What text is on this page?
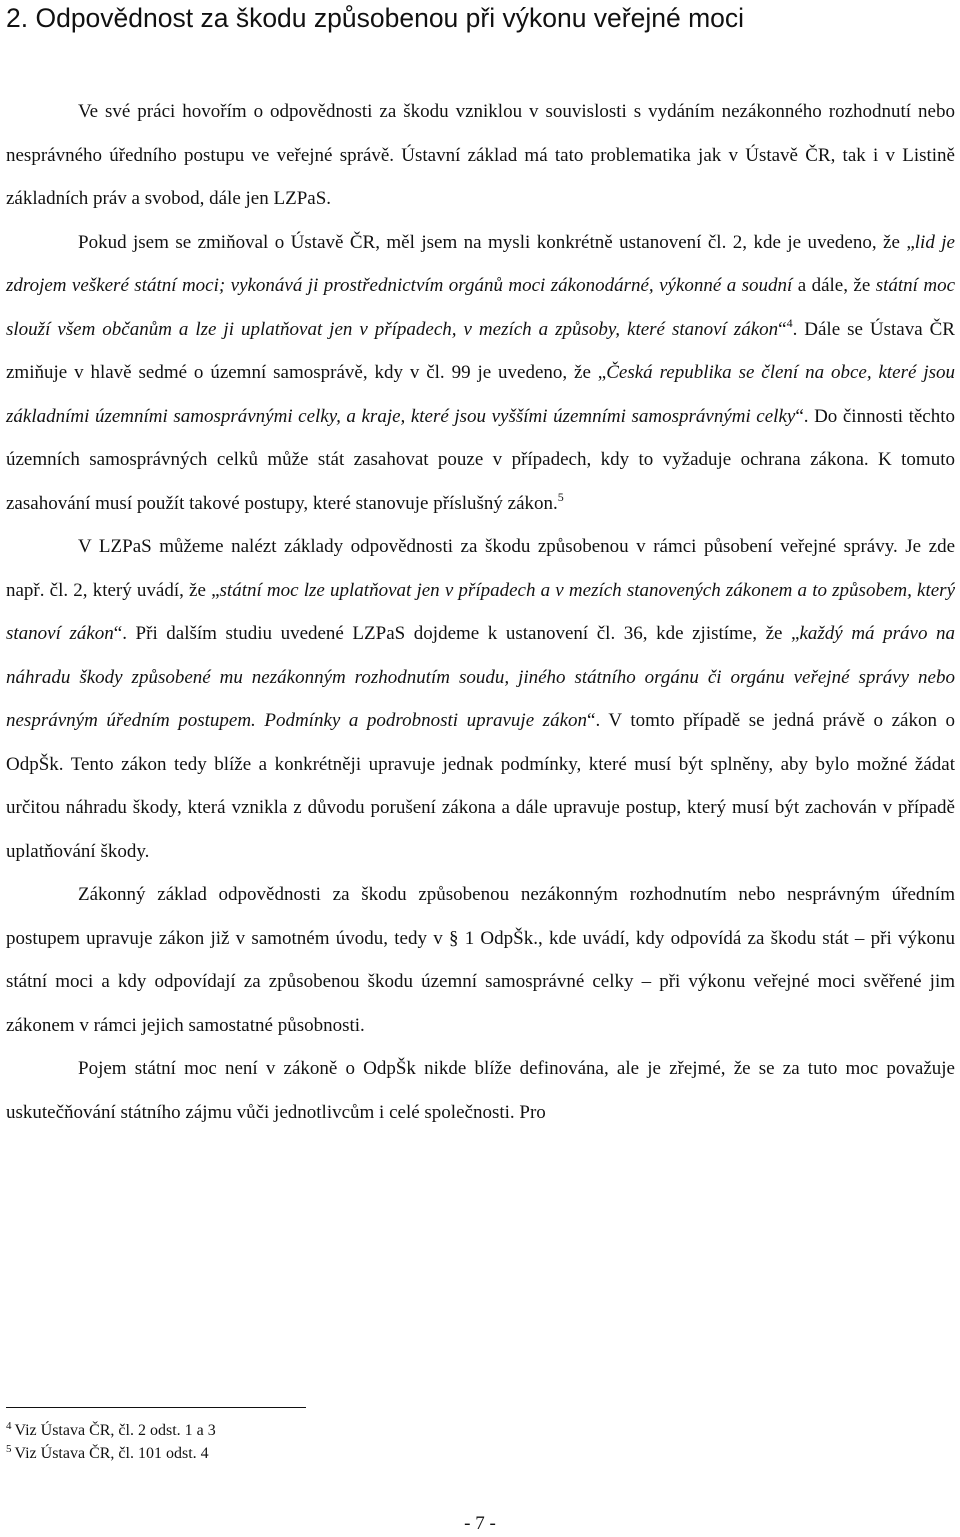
2. Odpovědnost za škodu způsobenou při výkonu veřejné moci

Ve své práci hovořím o odpovědnosti za škodu vzniklou v souvislosti s vydáním nezákonného rozhodnutí nebo nesprávného úředního postupu ve veřejné správě. Ústavní základ má tato problematika jak v Ústavě ČR, tak i v Listině základních práv a svobod, dále jen LZPaS.

Pokud jsem se zmiňoval o Ústavě ČR, měl jsem na mysli konkrétně ustanovení čl. 2, kde je uvedeno, že „lid je zdrojem veškeré státní moci; vykonává ji prostřednictvím orgánů moci zákonodárné, výkonné a soudní a dále, že státní moc slouží všem občanům a lze ji uplatňovat jen v případech, v mezích a způsoby, které stanoví zákon“$^4$. Dále se Ústava ČR zmiňuje v hlavě sedmé o územní samosprávě, kdy v čl. 99 je uvedeno, že „Česká republika se člení na obce, které jsou základními územními samosprávnými celky, a kraje, které jsou vyššími územními samosprávnými celky“. Do činnosti těchto územních samosprávných celků může stát zasahovat pouze v případech, kdy to vyžaduje ochrana zákona. K tomuto zasahování musí použít takové postupy, které stanovuje příslušný zákon.$^5$

V LZPaS můžeme nalézt základy odpovědnosti za škodu způsobenou v rámci působení veřejné správy. Je zde např. čl. 2, který uvádí, že „státní moc lze uplatňovat jen v případech a v mezích stanovených zákonem a to způsobem, který stanoví zákon“. Při dalším studiu uvedené LZPaS dojdeme k ustanovení čl. 36, kde zjistíme, že „každý má právo na náhradu škody způsobené mu nezákonným rozhodnutím soudu, jiného státního orgánu či orgánu veřejné správy nebo nesprávným úředním postupem. Podmínky a podrobnosti upravuje zákon“. V tomto případě se jedná právě o zákon o OdpŠk. Tento zákon tedy blíže a konkrétněji upravuje jednak podmínky, které musí být splněny, aby bylo možné žádat určitou náhradu škody, která vznikla z důvodu porušení zákona a dále upravuje postup, který musí být zachován v případě uplatňování škody.

Zákonný základ odpovědnosti za škodu způsobenou nezákonným rozhodnutím nebo nesprávným úředním postupem upravuje zákon již v samotném úvodu, tedy v § 1 OdpŠk., kde uvádí, kdy odpovídá za škodu stát – při výkonu státní moci a kdy odpovídají za způsobenou škodu územní samosprávné celky – při výkonu veřejné moci svěřené jim zákonem v rámci jejich samostatné působnosti.

Pojem státní moc není v zákoně o OdpŠk nikde blíže definována, ale je zřejmé, že se za tuto moc považuje uskutečňování státního zájmu vůči jednotlivcům i celé společnosti. Pro

$^4$ Viz Ústava ČR, čl. 2 odst. 1 a 3

$^5$ Viz Ústava ČR, čl. 101 odst. 4

- 7 -
